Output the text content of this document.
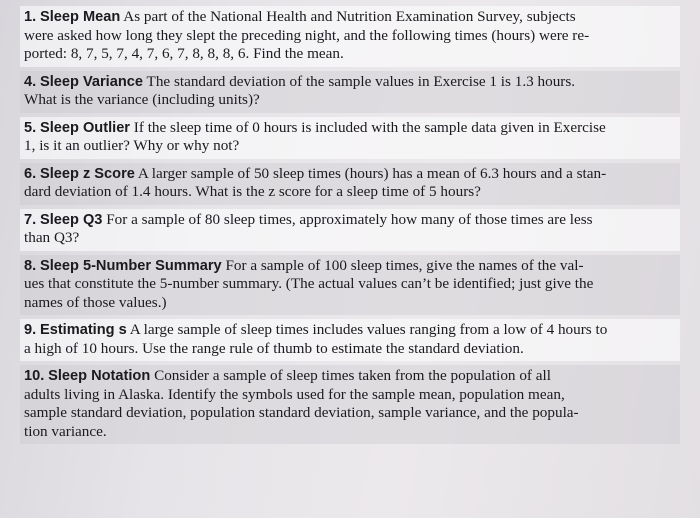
1. Sleep Mean As part of the National Health and Nutrition Examination Survey, subjects
were asked how long they slept the preceding night, and the following times (hours) were re-
ported: 8, 7, 5, 7, 4, 7, 6, 7, 8, 8, 8, 6. Find the mean.
4. Sleep Variance The standard deviation of the sample values in Exercise 1 is 1.3 hours.
What is the variance (including units)?
5. Sleep Outlier If the sleep time of 0 hours is included with the sample data given in Exercise
1, is it an outlier? Why or why not?
6. Sleep z Score A larger sample of 50 sleep times (hours) has a mean of 6.3 hours and a stan-
dard deviation of 1.4 hours. What is the z score for a sleep time of 5 hours?
7. Sleep Q3 For a sample of 80 sleep times, approximately how many of those times are less
than Q3?
8. Sleep 5-Number Summary For a sample of 100 sleep times, give the names of the val-
ues that constitute the 5-number summary. (The actual values can’t be identified; just give the
names of those values.)
9. Estimating s A large sample of sleep times includes values ranging from a low of 4 hours to
a high of 10 hours. Use the range rule of thumb to estimate the standard deviation.
10. Sleep Notation Consider a sample of sleep times taken from the population of all
adults living in Alaska. Identify the symbols used for the sample mean, population mean,
sample standard deviation, population standard deviation, sample variance, and the popula-
tion variance.
